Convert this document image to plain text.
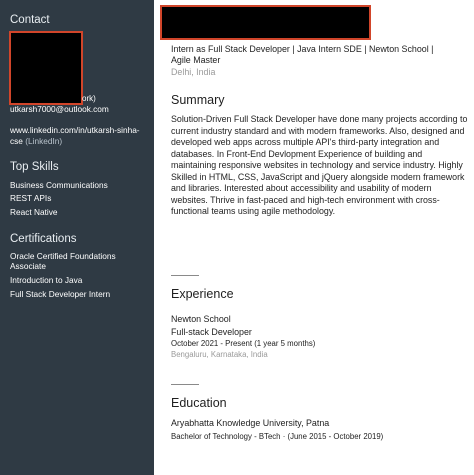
Contact
ork)
utkarsh7000@outlook.com
www.linkedin.com/in/utkarsh-sinha-
cse (LinkedIn)
Top Skills
Business Communications
REST APIs
React Native
Certifications
Oracle Certified Foundations
Associate
Introduction to Java
Full Stack Developer Intern
Intern as Full Stack Developer | Java Intern SDE | Newton School |
Agile Master
Delhi, India
Summary
Solution-Driven Full Stack Developer have done many projects according to current industry standard and with modern frameworks. Also, designed and developed web apps across multiple API's third-party integration and databases. In Front-End Devlopment Experience of building and maintaining responsive websites in technology and service industry. Highly Skilled in HTML, CSS, JavaScript and jQuery alongside modern framework and libraries. Interested about accessibility and usability of modern websites. Thrive in fast-paced and high-tech environment with cross-functional teams using agile methodology.
Experience
Newton School
Full-stack Developer
October 2021 - Present (1 year 5 months)
Bengaluru, Karnataka, India
Education
Aryabhatta Knowledge University, Patna
Bachelor of Technology - BTech · (June 2015 - October 2019)
